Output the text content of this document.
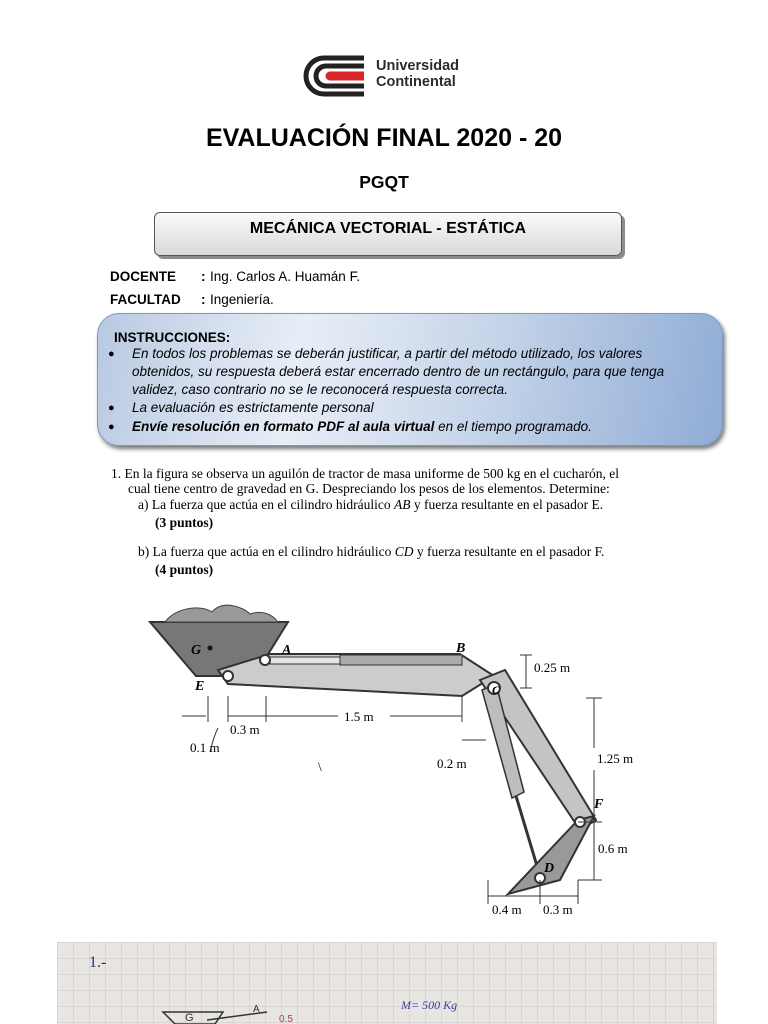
Universidad
Continental
EVALUACIÓN FINAL 2020 - 20
PGQT
MECÁNICA VECTORIAL - ESTÁTICA
DOCENTE : Ing. Carlos A. Huamán F.
FACULTAD : Ingeniería.
INSTRUCCIONES:
● En todos los problemas se deberán justificar, a partir del método utilizado, los valores
obtenidos, su respuesta deberá estar encerrado dentro de un rectángulo, para que tenga
validez, caso contrario no se le reconocerá respuesta correcta.
● La evaluación es estrictamente personal
● Envíe resolución en formato PDF al aula virtual en el tiempo programado.
1. En la figura se observa un aguilón de tractor de masa uniforme de 500 kg en el cucharón, el
cual tiene centro de gravedad en G. Despreciando los pesos de los elementos. Determine:
a) La fuerza que actúa en el cilindro hidráulico AB y fuerza resultante en el pasador E.
(3 puntos)
b) La fuerza que actúa en el cilindro hidráulico CD y fuerza resultante en el pasador F.
(4 puntos)
G	A	B
C
E
F
D
0.25 m
0.3 m
1.5 m
0.1 m
0.2 m	1.25 m
0.6 m
0.4 m 0.3 m
\
1.-
M= 500 Kg
G
A
0.5
